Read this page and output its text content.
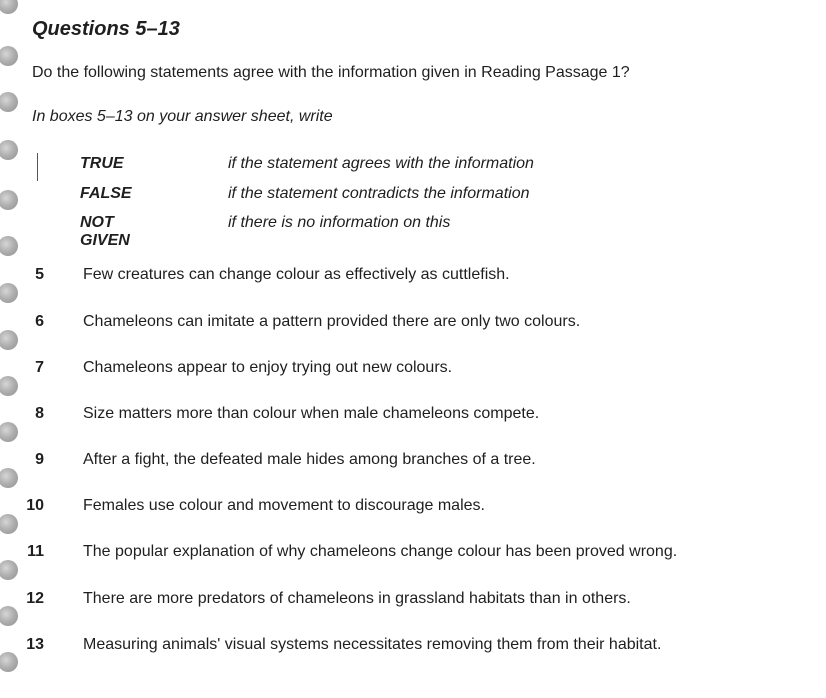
Questions 5–13
Do the following statements agree with the information given in Reading Passage 1?
In boxes 5–13 on your answer sheet, write
TRUE	if the statement agrees with the information
FALSE	if the statement contradicts the information
NOT GIVEN
if there is no information on this
5 Few creatures can change colour as effectively as cuttlefish.
6 Chameleons can imitate a pattern provided there are only two colours.
7 Chameleons appear to enjoy trying out new colours.
8 Size matters more than colour when male chameleons compete.
9 After a fight, the defeated male hides among branches of a tree.
10 Females use colour and movement to discourage males.
11 The popular explanation of why chameleons change colour has been proved wrong.
12 There are more predators of chameleons in grassland habitats than in others.
13 Measuring animals' visual systems necessitates removing them from their habitat.
